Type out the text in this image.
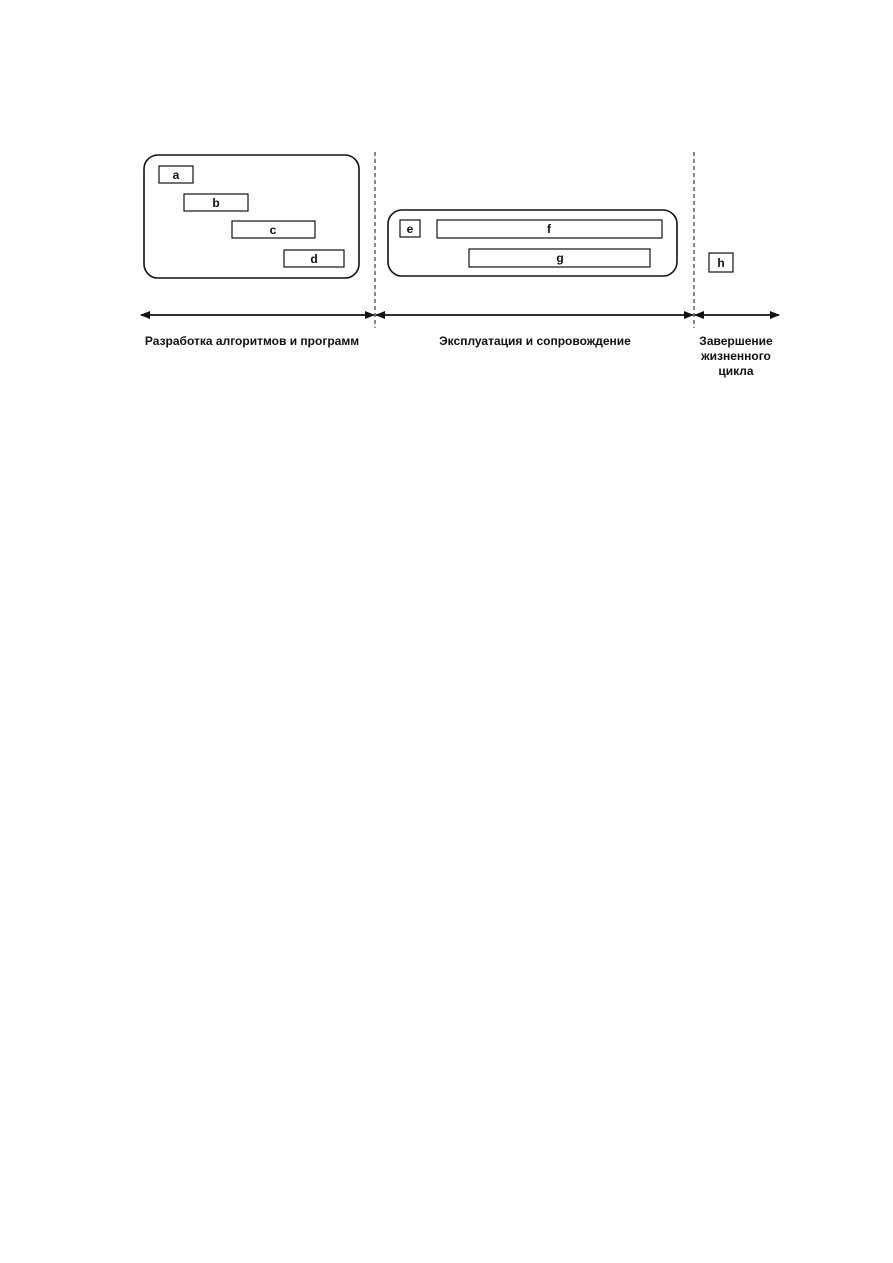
a
b
c
d
e	f
g	h
Разработка алгоритмов и программ	Эксплуатация и сопровождение	Завершение
жизненного
цикла
